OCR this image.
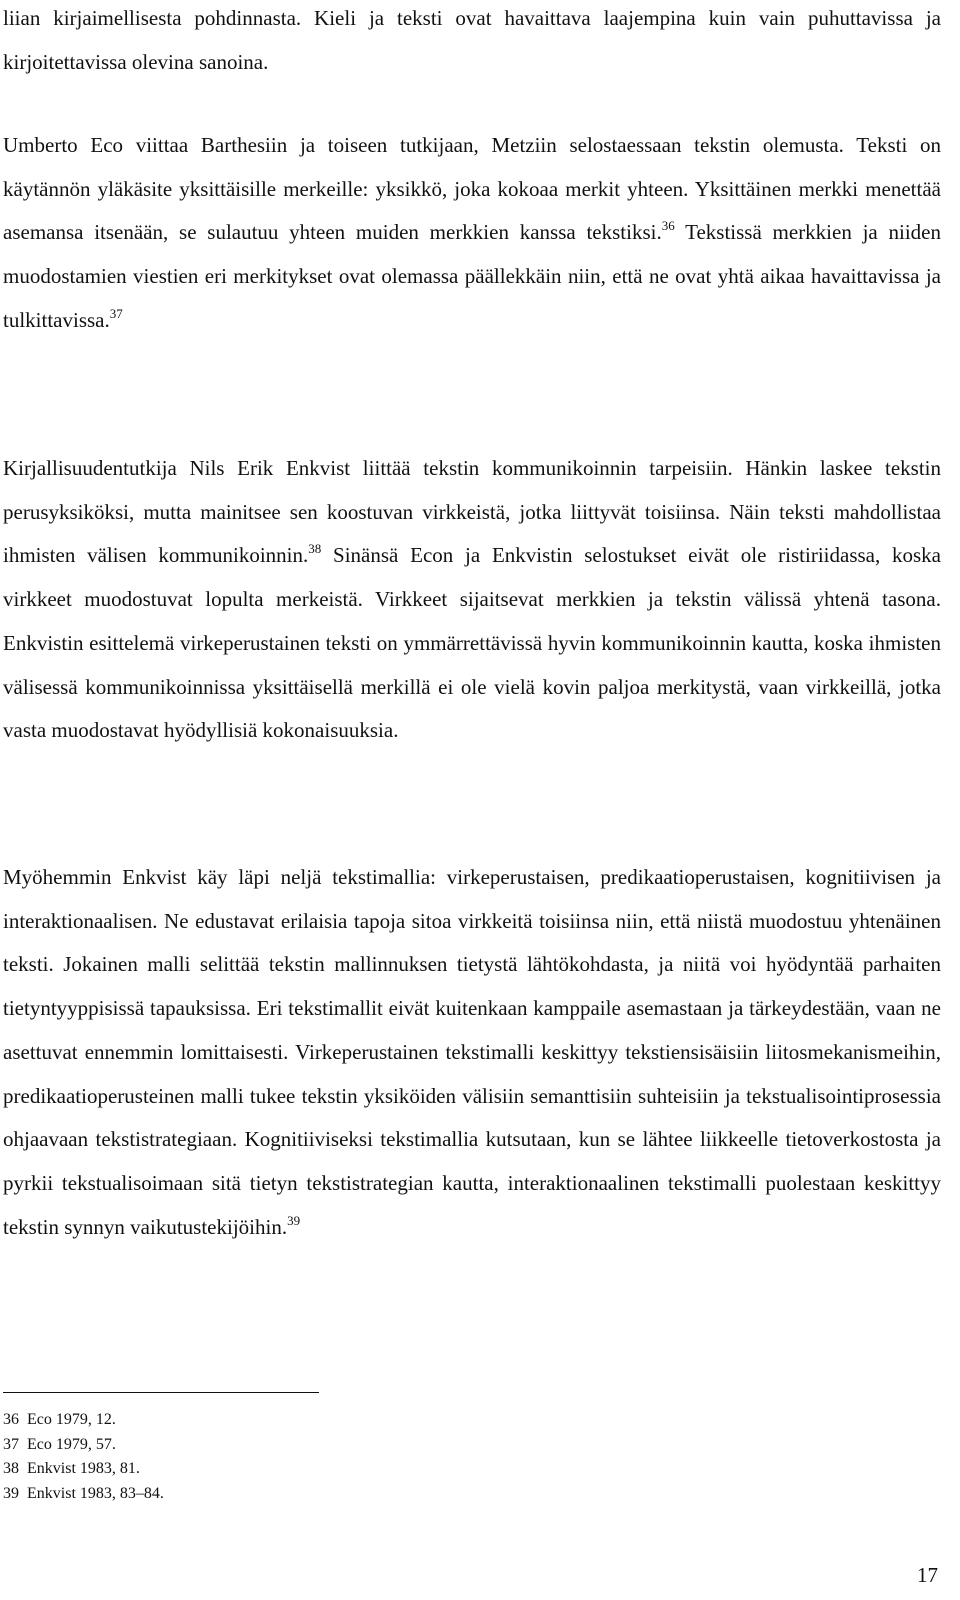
liian kirjaimellisesta pohdinnasta. Kieli ja teksti ovat havaittava laajempina kuin vain puhuttavissa ja kirjoitettavissa olevina sanoina.

Umberto Eco viittaa Barthesiin ja toiseen tutkijaan, Metziin selostaessaan tekstin olemusta. Teksti on käytännön yläkäsite yksittäisille merkeille: yksikkö, joka kokoaa merkit yhteen. Yksittäinen merkki menettää asemansa itsenään, se sulautuu yhteen muiden merkkien kanssa tekstiksi.$^{36}$ Tekstissä merkkien ja niiden muodostamien viestien eri merkitykset ovat olemassa päällekkäin niin, että ne ovat yhtä aikaa havaittavissa ja tulkittavissa.$^{37}$

Kirjallisuudentutkija Nils Erik Enkvist liittää tekstin kommunikoinnin tarpeisiin. Hänkin laskee tekstin perusyksiköksi, mutta mainitsee sen koostuvan virkkeistä, jotka liittyvät toisiinsa. Näin teksti mahdollistaa ihmisten välisen kommunikoinnin.$^{38}$ Sinänsä Econ ja Enkvistin selostukset eivät ole ristiriidassa, koska virkkeet muodostuvat lopulta merkeistä. Virkkeet sijaitsevat merkkien ja tekstin välissä yhtenä tasona. Enkvistin esittelemä virkeperustainen teksti on ymmärrettävissä hyvin kommunikoinnin kautta, koska ihmisten välisessä kommunikoinnissa yksittäisellä merkillä ei ole vielä kovin paljoa merkitystä, vaan virkkeillä, jotka vasta muodostavat hyödyllisiä kokonaisuuksia.

Myöhemmin Enkvist käy läpi neljä tekstimallia: virkeperustaisen, predikaatioperustaisen, kognitiivisen ja interaktionaalisen. Ne edustavat erilaisia tapoja sitoa virkkeitä toisiinsa niin, että niistä muodostuu yhtenäinen teksti. Jokainen malli selittää tekstin mallinnuksen tietystä lähtökohdasta, ja niitä voi hyödyntää parhaiten tietyntyyppisissä tapauksissa. Eri tekstimallit eivät kuitenkaan kamppaile asemastaan ja tärkeydestään, vaan ne asettuvat ennemmin lomittaisesti. Virkeperustainen tekstimalli keskittyy tekstiensisäisiin liitosmekanismeihin, predikaatioperusteinen malli tukee tekstin yksiköiden välisiin semanttisiin suhteisiin ja tekstualisointiprosessia ohjaavaan tekstistrategiaan. Kognitiiviseksi tekstimallia kutsutaan, kun se lähtee liikkeelle tietoverkostosta ja pyrkii tekstualisoimaan sitä tietyn tekstistrategian kautta, interaktionaalinen tekstimalli puolestaan keskittyy tekstin synnyn vaikutustekijöihin.$^{39}$

36 Eco 1979, 12.
37 Eco 1979, 57.
38 Enkvist 1983, 81.
39 Enkvist 1983, 83–84.
17
